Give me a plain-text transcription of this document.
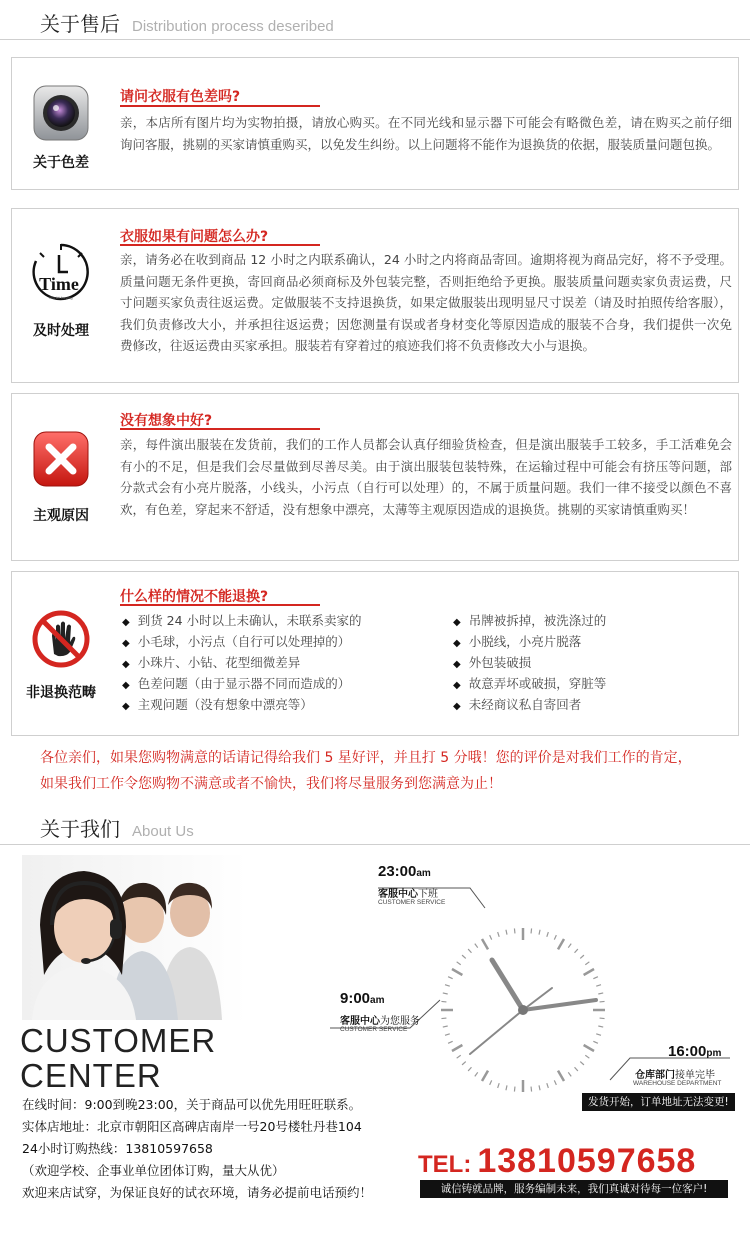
关于售后 Distribution process deseribed
关于色差
请问衣服有色差吗?
亲，本店所有图片均为实物拍摄，请放心购买。在不同光线和显示器下可能会有略微色差，请在购买之前仔细询问客服，挑剔的买家请慎重购买，以免发生纠纷。以上问题将不能作为退换货的依据，服装质量问题包换。
Time
Punkt buying
及时处理
衣服如果有问题怎么办?
亲，请务必在收到商品 12 小时之内联系确认，24 小时之内将商品寄回。逾期将视为商品完好，将不予受理。质量问题无条件更换，寄回商品必须商标及外包装完整，否则拒绝给予更换。服装质量问题卖家负责运费，尺寸问题买家负责往返运费。定做服装不支持退换货，如果定做服装出现明显尺寸误差（请及时拍照传给客服），我们负责修改大小，并承担往返运费；因您测量有误或者身材变化等原因造成的服装不合身，我们提供一次免费修改，往返运费由买家承担。服装若有穿着过的痕迹我们将不负责修改大小与退换。
主观原因
没有想象中好?
亲，每件演出服装在发货前，我们的工作人员都会认真仔细验货检查，但是演出服装手工较多，手工活难免会有小的不足，但是我们会尽量做到尽善尽美。由于演出服装包装特殊，在运输过程中可能会有挤压等问题，部分款式会有小亮片脱落，小线头，小污点（自行可以处理）的，不属于质量问题。我们一律不接受以颜色不喜欢，有色差，穿起来不舒适，没有想象中漂亮，太薄等主观原因造成的退换货。挑剔的买家请慎重购买！
非退换范畴
什么样的情况不能退换?
◆ 到货 24 小时以上未确认，未联系卖家的
◆ 小毛球，小污点（自行可以处理掉的）
◆ 小珠片、小钻、花型细微差异
◆ 色差问题（由于显示器不同而造成的）
◆ 主观问题（没有想象中漂亮等）
◆ 吊牌被拆掉，被洗涤过的
◆ 小脱线，小亮片脱落
◆ 外包装破损
◆ 故意弄坏或破损，穿脏等
◆ 未经商议私自寄回者
各位亲们，如果您购物满意的话请记得给我们 5 星好评，并且打 5 分哦！您的评价是对我们工作的肯定，
如果我们工作令您购物不满意或者不愉快，我们将尽量服务到您满意为止！
关于我们 About Us
CUSTOMER
CENTER
在线时间：9:00到晚23:00，关于商品可以优先用旺旺联系。
实体店地址：北京市朝阳区高碑店南岸一号20号楼牡丹巷104
24小时订购热线：13810597658
（欢迎学校、企事业单位团体订购，量大从优）
欢迎来店试穿，为保证良好的试衣环境，请务必提前电话预约！
23:00am
客服中心下班
CUSTOMER SERVICE
9:00am
客服中心为您服务
CUSTOMER SERVICE
16:00pm
仓库部门接单完毕
WAREHOUSE DEPARTMENT
发货开始，订单地址无法变更!
TEL: 13810597658
诚信铸就品牌，服务编制未来，我们真诚对待每一位客户!
